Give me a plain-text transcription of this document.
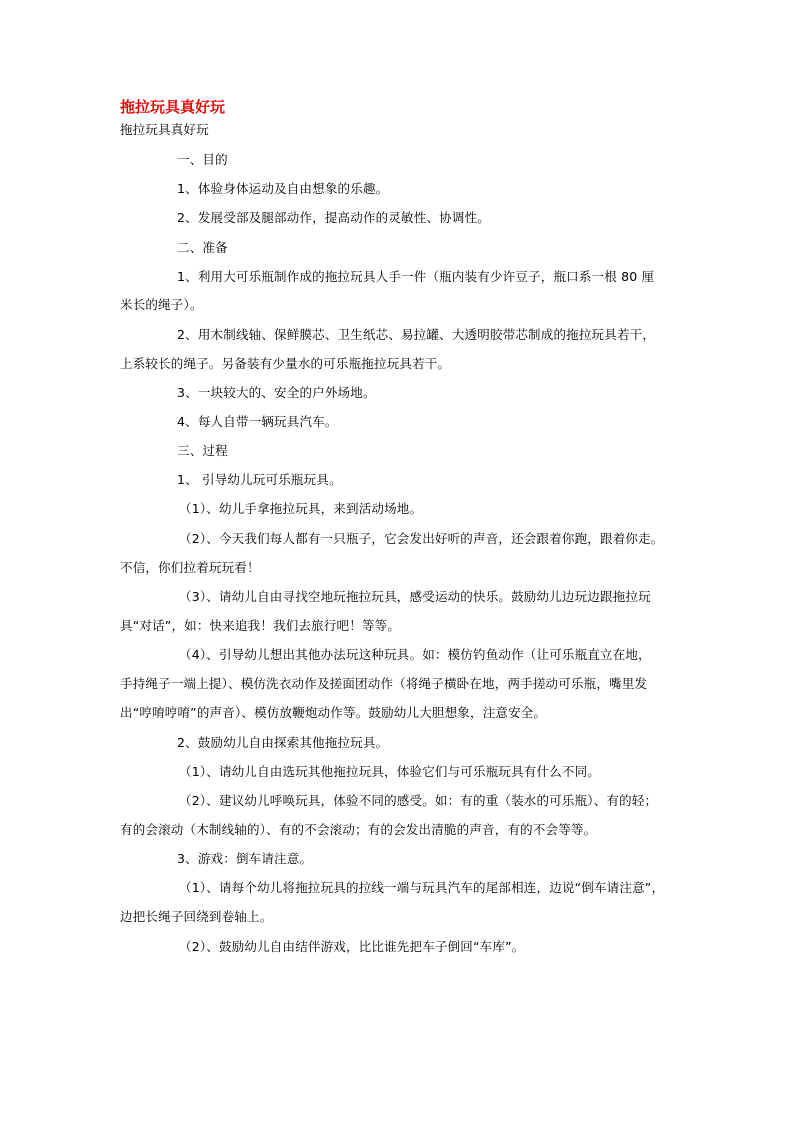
拖拉玩具真好玩
拖拉玩具真好玩
一、目的
1、体验身体运动及自由想象的乐趣。
2、发展受部及腿部动作，提高动作的灵敏性、协调性。
二、准备
1、利用大可乐瓶制作成的拖拉玩具人手一件（瓶内装有少许豆子，瓶口系一根 80 厘
米长的绳子）。
2、用木制线轴、保鲜膜芯、卫生纸芯、易拉罐、大透明胶带芯制成的拖拉玩具若干，
上系较长的绳子。另备装有少量水的可乐瓶拖拉玩具若干。
3、一块较大的、安全的户外场地。
4、每人自带一辆玩具汽车。
三、过程
1、 引导幼儿玩可乐瓶玩具。
（1）、幼儿手拿拖拉玩具，来到活动场地。
（2）、今天我们每人都有一只瓶子，它会发出好听的声音，还会跟着你跑，跟着你走。
不信，你们拉着玩玩看！
（3）、请幼儿自由寻找空地玩拖拉玩具，感受运动的快乐。鼓励幼儿边玩边跟拖拉玩
具“对话”，如：快来追我！我们去旅行吧！等等。
（4）、引导幼儿想出其他办法玩这种玩具。如：模仿钓鱼动作（让可乐瓶直立在地，
手持绳子一端上提）、模仿洗衣动作及搓面团动作（将绳子横卧在地，两手搓动可乐瓶，嘴里发
出“哼唷哼唷”的声音）、模仿放鞭炮动作等。鼓励幼儿大胆想象，注意安全。
2、鼓励幼儿自由探索其他拖拉玩具。
（1）、请幼儿自由选玩其他拖拉玩具，体验它们与可乐瓶玩具有什么不同。
（2）、建议幼儿呼唤玩具，体验不同的感受。如：有的重（装水的可乐瓶）、有的轻；
有的会滚动（木制线轴的）、有的不会滚动；有的会发出清脆的声音，有的不会等等。
3、游戏：倒车请注意。
（1）、请每个幼儿将拖拉玩具的拉线一端与玩具汽车的尾部相连，边说“倒车请注意”，
边把长绳子回绕到卷轴上。
（2）、鼓励幼儿自由结伴游戏，比比谁先把车子倒回“车库”。
